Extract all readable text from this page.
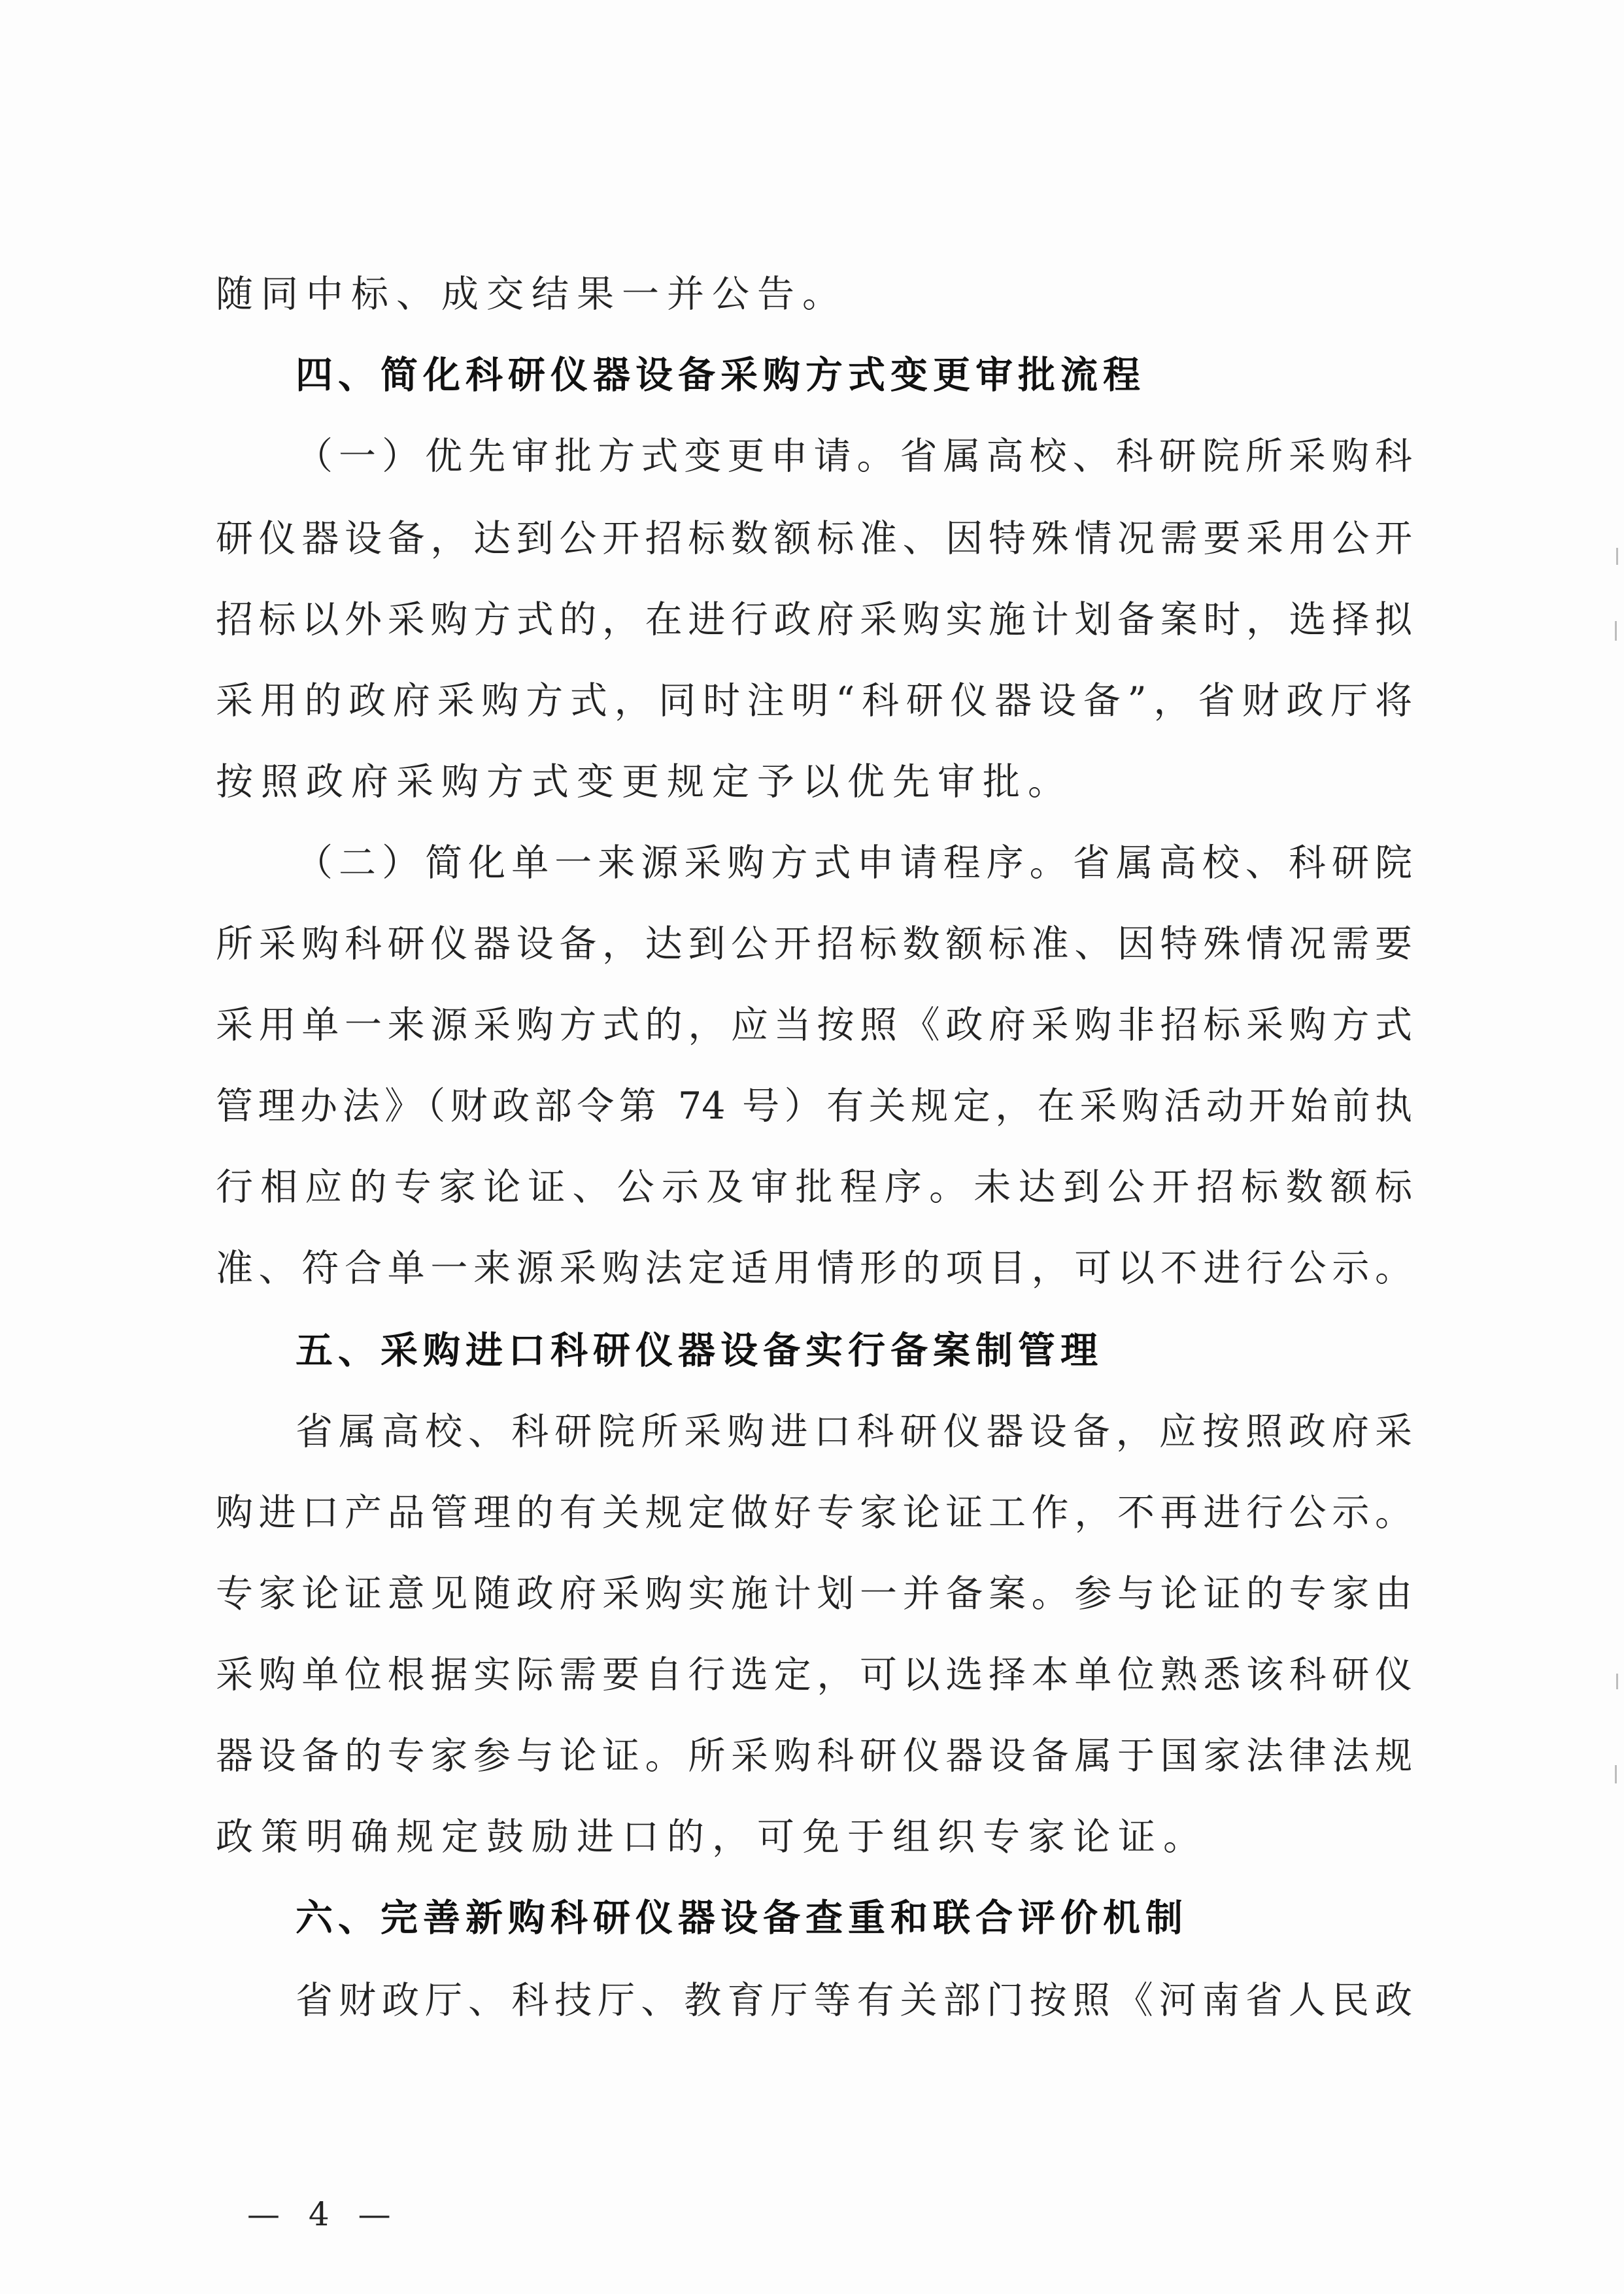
随同中标、成交结果一并公告。
四、简化科研仪器设备采购方式变更审批流程
（一）优先审批方式变更申请。省属高校、科研院所采购科
研仪器设备，达到公开招标数额标准、因特殊情况需要采用公开
招标以外采购方式的，在进行政府采购实施计划备案时，选择拟
采用的政府采购方式，同时注明“科研仪器设备”，省财政厅将
按照政府采购方式变更规定予以优先审批。
（二）简化单一来源采购方式申请程序。省属高校、科研院
所采购科研仪器设备，达到公开招标数额标准、因特殊情况需要
采用单一来源采购方式的，应当按照《政府采购非招标采购方式
管理办法》（财政部令第 74 号）有关规定，在采购活动开始前执
行相应的专家论证、公示及审批程序。未达到公开招标数额标
准、符合单一来源采购法定适用情形的项目，可以不进行公示。
五、采购进口科研仪器设备实行备案制管理
省属高校、科研院所采购进口科研仪器设备，应按照政府采
购进口产品管理的有关规定做好专家论证工作，不再进行公示。
专家论证意见随政府采购实施计划一并备案。参与论证的专家由
采购单位根据实际需要自行选定，可以选择本单位熟悉该科研仪
器设备的专家参与论证。所采购科研仪器设备属于国家法律法规
政策明确规定鼓励进口的，可免于组织专家论证。
六、完善新购科研仪器设备查重和联合评价机制
省财政厅、科技厅、教育厅等有关部门按照《河南省人民政
— 4 —
